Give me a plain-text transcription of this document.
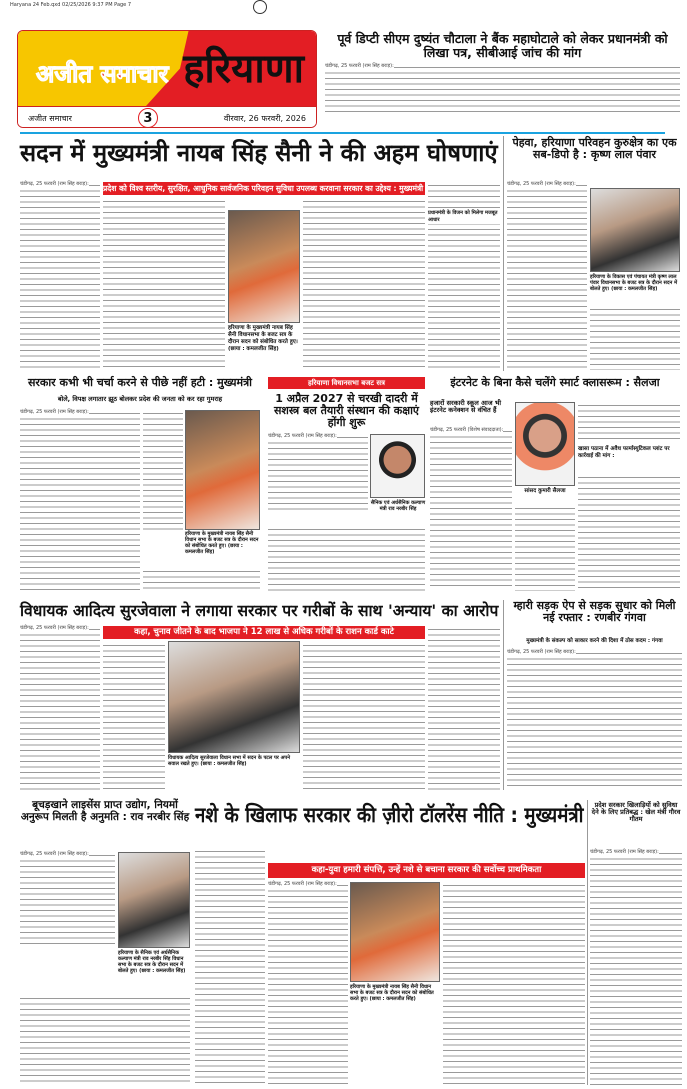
Haryana 24 Feb.qxd 02/25/2026 9:37 PM Page 7
अजीत समाचार हरियाणा
अजीत समाचार	3	वीरवार, 26 फरवरी, 2026
पूर्व डिप्टी सीएम दुष्यंत चौटाला ने बैंक महाघोटाले को लेकर प्रधानमंत्री को लिखा पत्र, सीबीआई जांच की मांग
चंडीगढ़, 25 फरवरी (राम सिंह बराड़):
सदन में मुख्यमंत्री नायब सिंह सैनी ने की अहम घोषणाएं
प्रदेश को विश्व स्तरीय, सुरक्षित, आधुनिक सार्वजनिक परिवहन सुविधा उपलब्ध करवाना सरकार का उद्देश्य : मुख्यमंत्री
चंडीगढ़, 25 फरवरी (राम सिंह बराड़):
हरियाणा के मुख्यमंत्री नायब सिंह सैनी विधानसभा के बजट सत्र के दौरान सदन को संबोधित करते हुए। (छाया : कमलजीत सिंह)
प्रधानमंत्री के विजन को मिलेगा मजबूत आधार
पेहवा, हरियाणा परिवहन कुरुक्षेत्र का एक सब-डिपो है : कृष्ण लाल पंवार
चंडीगढ़, 25 फरवरी (राम सिंह बराड़):
हरियाणा के विकास एवं पंचायत मंत्री कृष्ण लाल पंवार विधानसभा के बजट सत्र के दौरान सदन में बोलते हुए। (छाया : कमलजीत सिंह)
सरकार कभी भी चर्चा करने से पीछे नहीं हटी : मुख्यमंत्री
बोले, विपक्ष लगातार झूठ बोलकर प्रदेश की जनता को कर रहा गुमराह
चंडीगढ़, 25 फरवरी (राम सिंह बराड़):
हरियाणा के मुख्यमंत्री नायब सिंह सैनी विधान सभा के बजट सत्र के दौरान सदन को संबोधित करते हुए। (छाया : कमलजीत सिंह)
हरियाणा विधानसभा बजट सत्र
1 अप्रैल 2027 से चरखी दादरी में सशस्त्र बल तैयारी संस्थान की कक्षाएं होंगी शुरू
चंडीगढ़, 25 फरवरी (राम सिंह बराड़):
सैनिक एवं अर्धसैनिक कल्याण मंत्री राव नरबीर सिंह
इंटरनेट के बिना कैसे चलेंगे स्मार्ट क्लासरूम : सैलजा
हजारों सरकारी स्कूल आज भी इंटरनेट कनेक्शन से वंचित हैं
चंडीगढ़, 25 फरवरी (विशेष संवाददाता):
सांसद कुमारी सैलजा
खासा पठाना में अवैध फार्मास्युटिकल प्लांट पर कार्रवाई की मांग :
विधायक आदित्य सुरजेवाला ने लगाया सरकार पर गरीबों के साथ 'अन्याय' का आरोप
कहा, चुनाव जीतने के बाद भाजपा ने 12 लाख से अधिक गरीबों के राशन कार्ड काटे
चंडीगढ़, 25 फरवरी (राम सिंह बराड़):
विधायक आदित्य सुरजेवाला विधान सभा में सदन के पटल पर अपने सवाल रखते हुए। (छाया : कमलजीत सिंह)
म्हारी सड़क ऐप से सड़क सुधार को मिली नई रफ्तार : रणबीर गंगवा
मुख्यमंत्री के संकल्प को साकार करने की दिशा में ठोस कदम : गंगवा
चंडीगढ़, 25 फरवरी (राम सिंह बराड़):
बूचड़खाने लाइसेंस प्राप्त उद्योग, नियमों अनुरूप मिलती है अनुमति : राव नरबीर सिंह
चंडीगढ़, 25 फरवरी (राम सिंह बराड़):
हरियाणा के सैनिक एवं अर्धसैनिक कल्याण मंत्री राव नरबीर सिंह विधान सभा के बजट सत्र के दौरान सदन में बोलते हुए। (छाया : कमलजीत सिंह)
नशे के खिलाफ सरकार की ज़ीरो टॉलरेंस नीति : मुख्यमंत्री
कहा-युवा हमारी संपत्ति, उन्हें नशे से बचाना सरकार की सर्वोच्च प्राथमिकता
चंडीगढ़, 25 फरवरी (राम सिंह बराड़):
हरियाणा के मुख्यमंत्री नायब सिंह सैनी विधान सभा के बजट सत्र के दौरान सदन को संबोधित करते हुए। (छाया : कमलजीत सिंह)
प्रदेश सरकार खिलाड़ियों को सुविधा देने के लिए प्रतिबद्ध : खेल मंत्री गौरव गौतम
चंडीगढ़, 25 फरवरी (राम सिंह बराड़):
